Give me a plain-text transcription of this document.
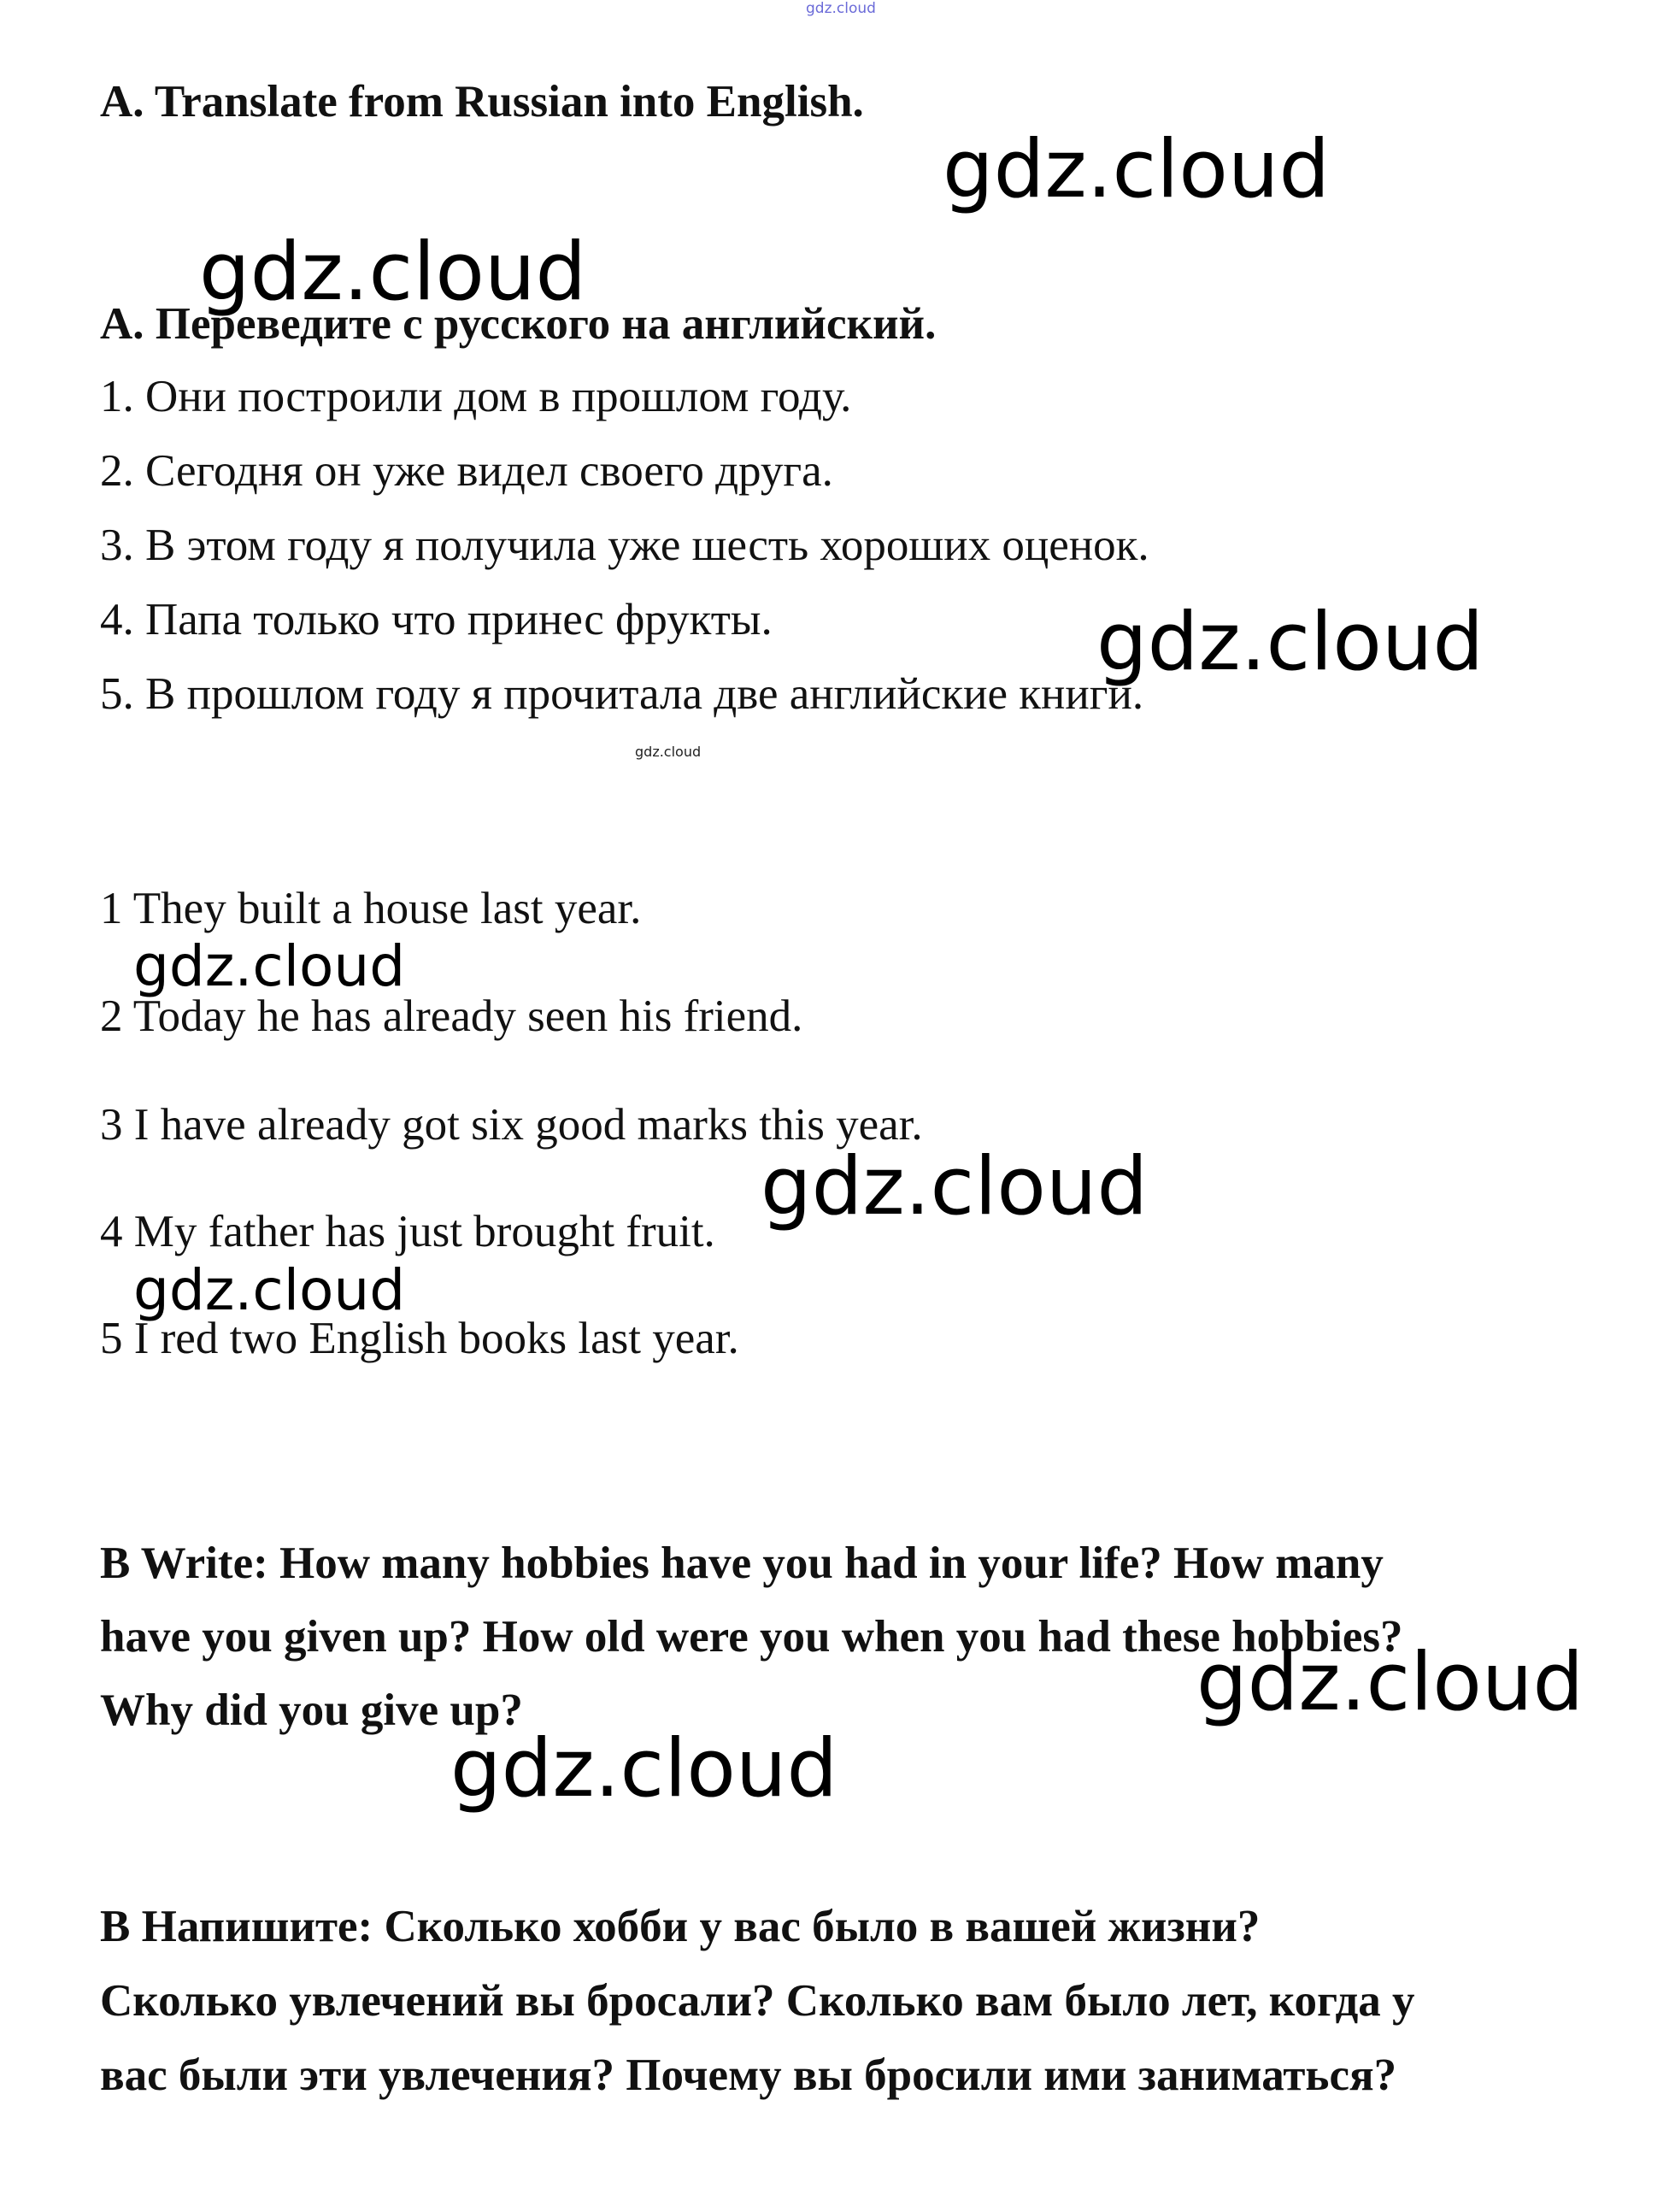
gdz.cloud

A. Translate from Russian into English.

gdz.cloud
gdz.cloud

A. Переведите с русского на английский.

1. Они построили дом в прошлом году.

2. Сегодня он уже видел своего друга.

3. В этом году я получила уже шесть хороших оценок.

4. Папа только что принес фрукты.	gdz.cloud

5. В прошлом году я прочитала две английские книги.

gdz.cloud

1 They built a house last year.

gdz.cloud

2 Today he has already seen his friend.

3 I have already got six good marks this year.

gdz.cloud

4 My father has just brought fruit.

gdz.cloud

5 I red two English books last year.

B Write: How many hobbies have you had in your life? How many

have you given up? How old were you when you had these hobbies?

gdz.cloud

Why did you give up?

gdz.cloud

B Напишите: Сколько хобби у вас было в вашей жизни?

Сколько увлечений вы бросали? Сколько вам было лет, когда у

вас были эти увлечения? Почему вы бросили ими заниматься?
